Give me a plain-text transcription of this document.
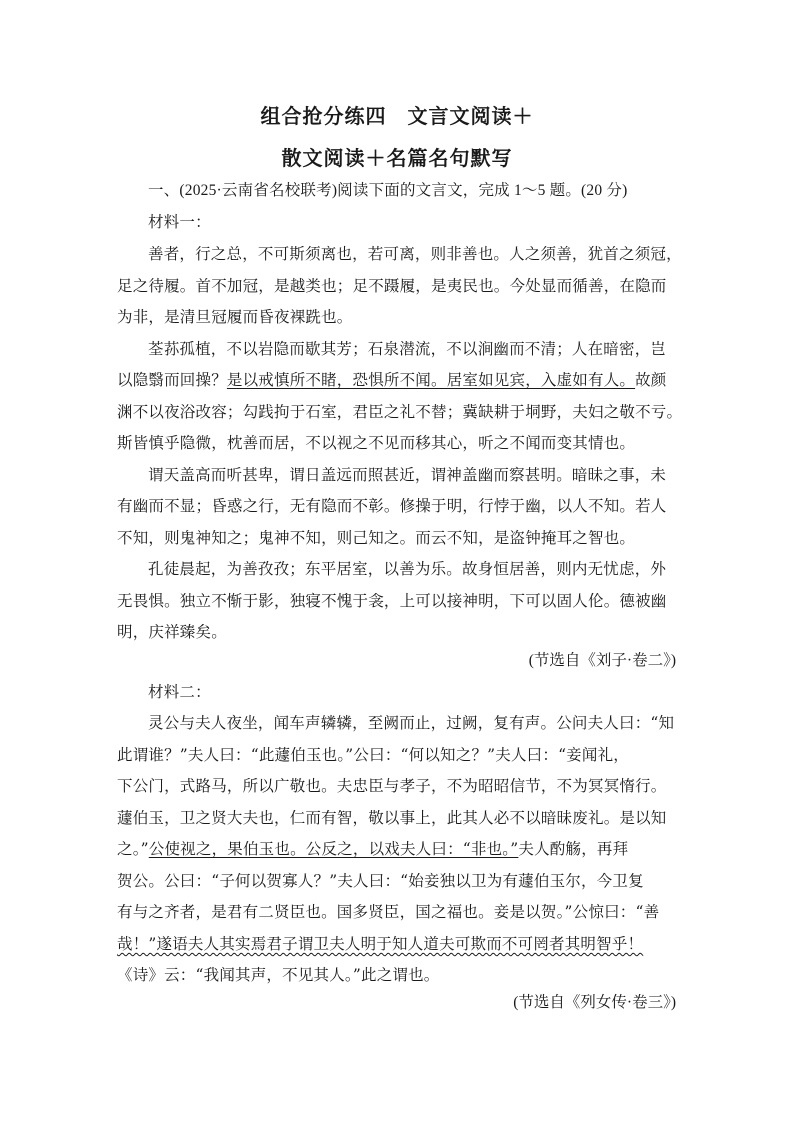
组合抢分练四　文言文阅读＋
散文阅读＋名篇名句默写
一、(2025·云南省名校联考)阅读下面的文言文，完成 1～5 题。(20 分)
材料一：
善者，行之总，不可斯须离也，若可离，则非善也。人之须善，犹首之须冠，
足之待履。首不加冠，是越类也；足不蹑履，是夷民也。今处显而循善，在隐而
为非，是清旦冠履而昏夜裸跣也。
荃荪孤植，不以岩隐而歇其芳；石泉潜流，不以涧幽而不清；人在暗密，岂
以隐翳而回操？是以戒慎所不睹，恐惧所不闻。居室如见宾，入虚如有人。故颜
渊不以夜浴改容；勾践拘于石室，君臣之礼不替；冀缺耕于垌野，夫妇之敬不亏。
斯皆慎乎隐微，枕善而居，不以视之不见而移其心，听之不闻而变其情也。
谓天盖高而听甚卑，谓日盖远而照甚近，谓神盖幽而察甚明。暗昧之事，未
有幽而不显；昏惑之行，无有隐而不彰。修操于明，行悖于幽，以人不知。若人
不知，则鬼神知之；鬼神不知，则己知之。而云不知，是盗钟掩耳之智也。
孔徒晨起，为善孜孜；东平居室，以善为乐。故身恒居善，则内无忧虑，外
无畏惧。独立不惭于影，独寝不愧于衾，上可以接神明，下可以固人伦。德被幽
明，庆祥臻矣。
(节选自《刘子·卷二》)
材料二：
灵公与夫人夜坐，闻车声辚辚，至阙而止，过阙，复有声。公问夫人曰：“知
此谓谁？”夫人曰：“此蘧伯玉也。”公曰：“何以知之？”夫人曰：“妾闻礼，
下公门，式路马，所以广敬也。夫忠臣与孝子，不为昭昭信节，不为冥冥惰行。
蘧伯玉，卫之贤大夫也，仁而有智，敬以事上，此其人必不以暗昧废礼。是以知
之。”公使视之，果伯玉也。公反之，以戏夫人曰：“非也。”夫人酌觞，再拜
贺公。公曰：“子何以贺寡人？”夫人曰：“始妾独以卫为有蘧伯玉尔，今卫复
有与之齐者，是君有二贤臣也。国多贤臣，国之福也。妾是以贺。”公惊曰：“善
哉！”遂语夫人其实焉君子谓卫夫人明于知人道夫可欺而不可罔者其明智乎！
《诗》云：“我闻其声，不见其人。”此之谓也。
(节选自《列女传·卷三》)
